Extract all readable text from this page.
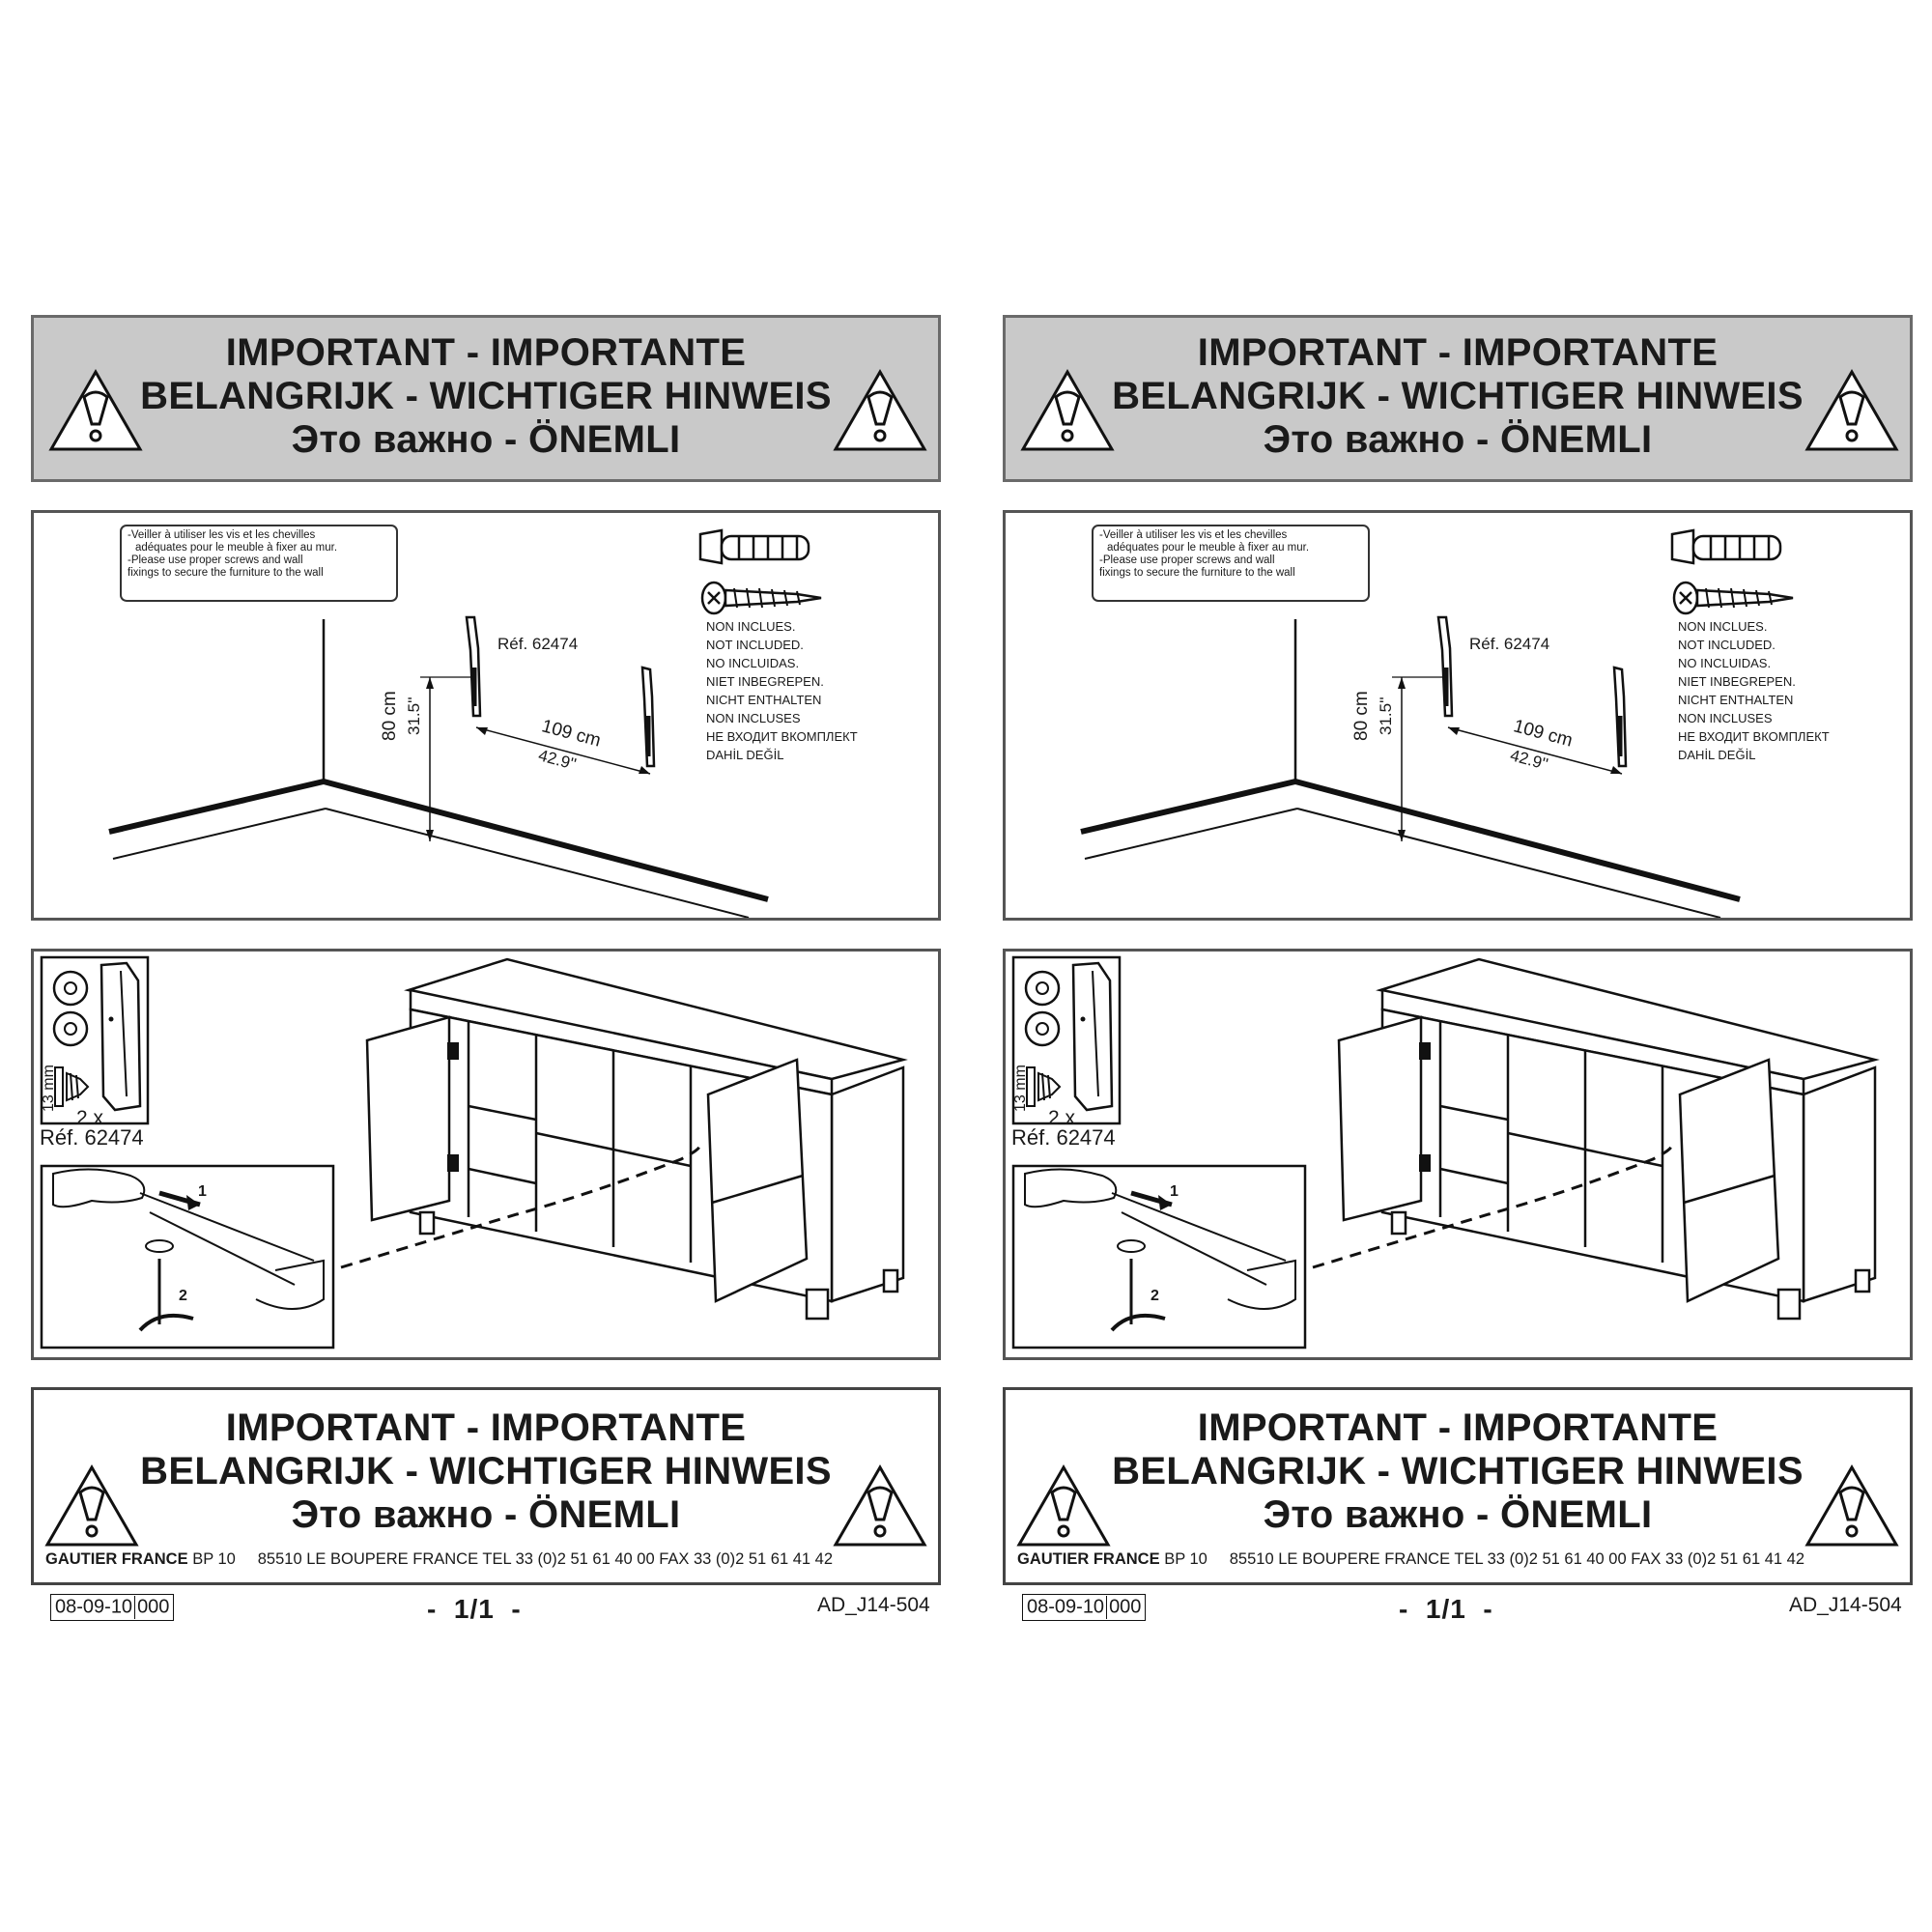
IMPORTANT - IMPORTANTE
BELANGRIJK - WICHTIGER HINWEIS
Это важно - ÖNEMLI
-Veiller à utiliser les vis et les chevilles
adéquates pour le meuble à fixer au mur.
-Please use proper screws and wall
fixings to secure the furniture to the wall
Réf. 62474
80 cm 31.5''	109 cm
42.9''
NON INCLUES.
NOT INCLUDED.
NO INCLUIDAS.
NIET INBEGREPEN.
NICHT ENTHALTEN
NON INCLUSES
НЕ ВХОДИТ ВКОМПЛЕКТ
DAHİL DEĞİL
13 mm
2 x
Réf. 62474
1
2
IMPORTANT - IMPORTANTE
BELANGRIJK - WICHTIGER HINWEIS
Это важно - ÖNEMLI
GAUTIER FRANCE BP 10     85510 LE BOUPERE FRANCE TEL 33 (0)2 51 61 40 00 FAX 33 (0)2 51 61 41 42
08-09-10 000	-  1/1  -	AD_J14-504
IMPORTANT - IMPORTANTE
BELANGRIJK - WICHTIGER HINWEIS
Это важно - ÖNEMLI
-Veiller à utiliser les vis et les chevilles
adéquates pour le meuble à fixer au mur.
-Please use proper screws and wall
fixings to secure the furniture to the wall
Réf. 62474
80 cm 31.5''	109 cm
42.9''
NON INCLUES.
NOT INCLUDED.
NO INCLUIDAS.
NIET INBEGREPEN.
NICHT ENTHALTEN
NON INCLUSES
НЕ ВХОДИТ ВКОМПЛЕКТ
DAHİL DEĞİL
13 mm
2 x
Réf. 62474
1
2
IMPORTANT - IMPORTANTE
BELANGRIJK - WICHTIGER HINWEIS
Это важно - ÖNEMLI
GAUTIER FRANCE BP 10     85510 LE BOUPERE FRANCE TEL 33 (0)2 51 61 40 00 FAX 33 (0)2 51 61 41 42
08-09-10 000	-  1/1  -	AD_J14-504
